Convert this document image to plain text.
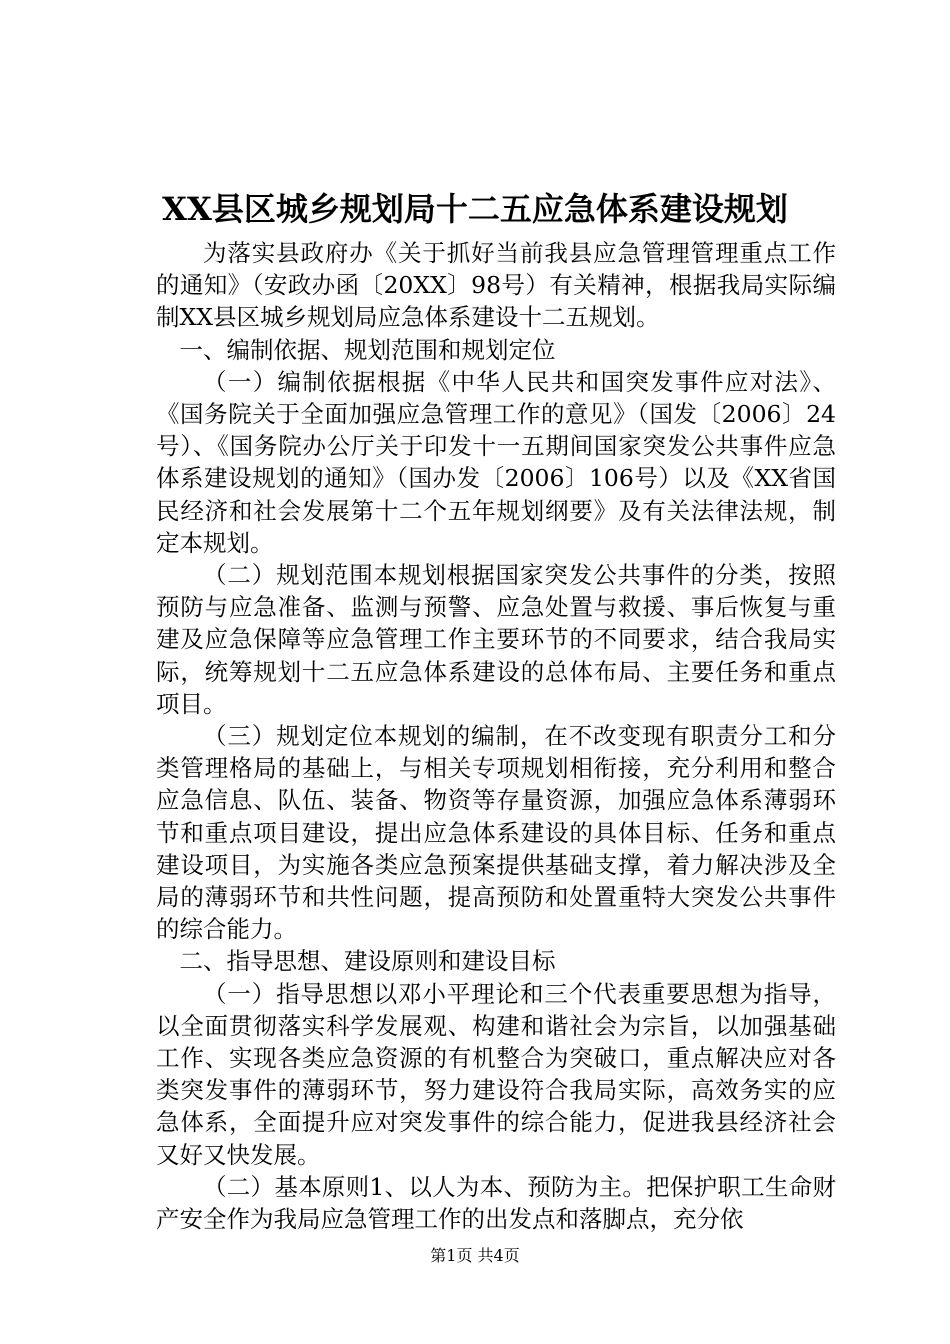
XX县区城乡规划局十二五应急体系建设规划

为落实县政府办《关于抓好当前我县应急管理管理重点工作的通知》（安政办函〔20XX〕98号）有关精神，根据我局实际编制XX县区城乡规划局应急体系建设十二五规划。

一、编制依据、规划范围和规划定位

（一）编制依据根据《中华人民共和国突发事件应对法》、《国务院关于全面加强应急管理工作的意见》（国发〔2006〕24号）、《国务院办公厅关于印发十一五期间国家突发公共事件应急体系建设规划的通知》（国办发〔2006〕106号）以及《XX省国民经济和社会发展第十二个五年规划纲要》及有关法律法规，制定本规划。

（二）规划范围本规划根据国家突发公共事件的分类，按照预防与应急准备、监测与预警、应急处置与救援、事后恢复与重建及应急保障等应急管理工作主要环节的不同要求，结合我局实际，统筹规划十二五应急体系建设的总体布局、主要任务和重点项目。

（三）规划定位本规划的编制，在不改变现有职责分工和分类管理格局的基础上，与相关专项规划相衔接，充分利用和整合应急信息、队伍、装备、物资等存量资源，加强应急体系薄弱环节和重点项目建设，提出应急体系建设的具体目标、任务和重点建设项目，为实施各类应急预案提供基础支撑，着力解决涉及全局的薄弱环节和共性问题，提高预防和处置重特大突发公共事件的综合能力。

二、指导思想、建设原则和建设目标

（一）指导思想以邓小平理论和三个代表重要思想为指导，以全面贯彻落实科学发展观、构建和谐社会为宗旨，以加强基础工作、实现各类应急资源的有机整合为突破口，重点解决应对各类突发事件的薄弱环节，努力建设符合我局实际，高效务实的应急体系，全面提升应对突发事件的综合能力，促进我县经济社会又好又快发展。

（二）基本原则1、以人为本、预防为主。把保护职工生命财产安全作为我局应急管理工作的出发点和落脚点，充分依

第1页 共4页
